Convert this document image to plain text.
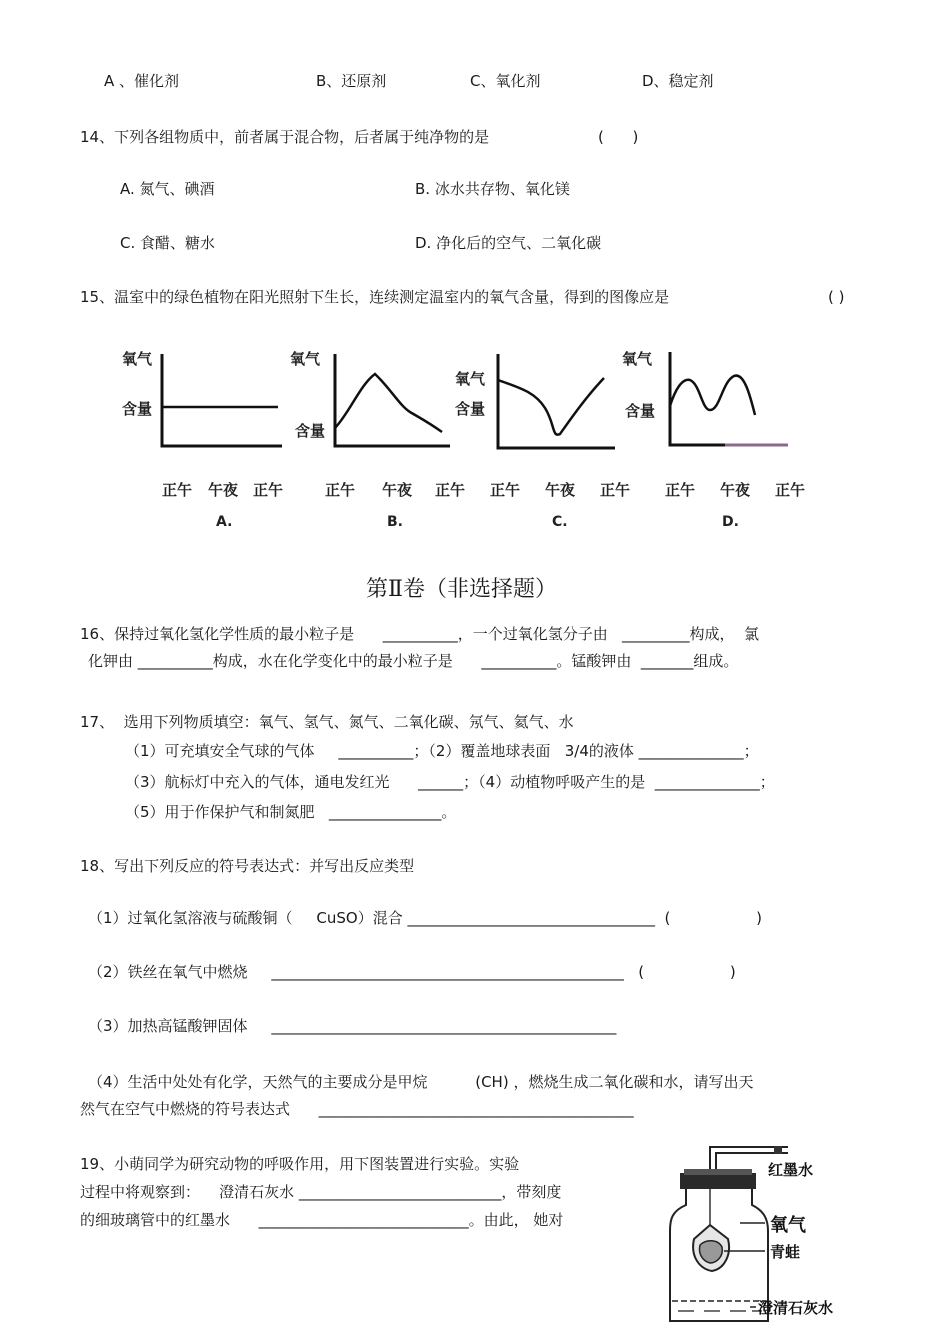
A 、催化剂	B、还原剂	C、氧化剂	D、稳定剂
14、下列各组物质中，前者属于混合物，后者属于纯净物的是	(      )
A. 氮气、碘酒	B. 冰水共存物、氧化镁
C. 食醋、糖水	D. 净化后的空气、二氧化碳
15、温室中的绿色植物在阳光照射下生长，连续测定温室内的氧气含量，得到的图像应是	( )
氧气
含量
正午 午夜 正午
A.
氧气
含量
正午 午夜 正午
B.
氧气
含量
正午 午夜 正午
C.
氧气
含量
正午 午夜 正午
D.
第Ⅱ卷（非选择题）
16、保持过氧化氢化学性质的最小粒子是      __________，一个过氧化氢分子由   _________构成，  氯
化钾由 __________构成，水在化学变化中的最小粒子是      __________。锰酸钾由  _______组成。
17、  选用下列物质填空：氧气、氢气、氮气、二氧化碳、氖气、氦气、水
（1）可充填安全气球的气体     __________；（2）覆盖地球表面   3/4的液体 ______________；
（3）航标灯中充入的气体，通电发红光      ______；（4）动植物呼吸产生的是  ______________；
（5）用于作保护气和制氮肥   _______________。
18、写出下列反应的符号表达式：并写出反应类型
（1）过氧化氢溶液与硫酸铜（     CuSO）混合 _________________________________  (                  )
（2）铁丝在氧气中燃烧     _______________________________________________   (                  )
（3）加热高锰酸钾固体     ______________________________________________
（4）生活中处处有化学，天然气的主要成分是甲烷          (CH) ，燃烧生成二氧化碳和水，请写出天
然气在空气中燃烧的符号表达式      __________________________________________
19、小萌同学为研究动物的呼吸作用，用下图装置进行实验。实验
过程中将观察到：    澄清石灰水 ___________________________，带刻度
的细玻璃管中的红墨水      ____________________________。由此， 她对
红墨水
氧气
青蛙
澄清石灰水
